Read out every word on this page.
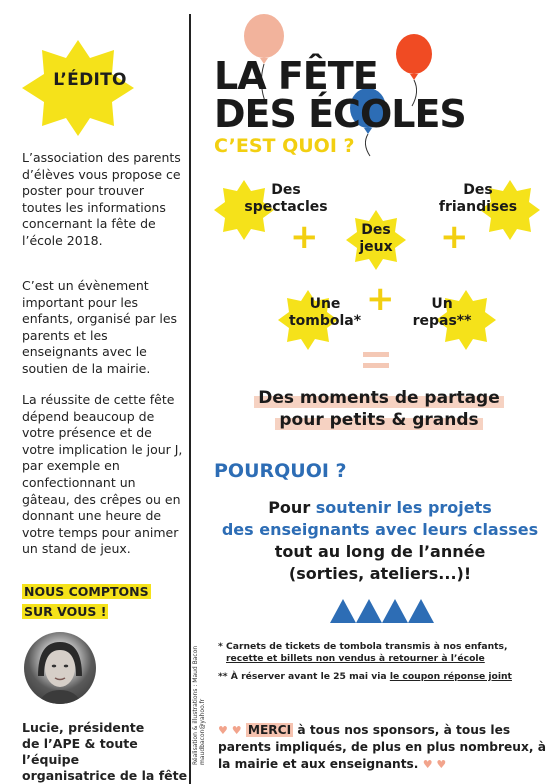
L’ÉDITO

L’association des parents d’élèves vous propose ce poster pour trouver toutes les informations concernant la fête de l’école 2018.

C’est un évènement important pour les enfants, organisé par les parents et les enseignants avec le soutien de la mairie.

La réussite de cette fête dépend beaucoup de votre présence et de votre implication le jour J, par exemple en confectionnant un gâteau, des crêpes ou en donnant une heure de votre temps pour animer un stand de jeux.

NOUS COMPTONS
SUR VOUS !
Lucie, présidente
de l’APE & toute l’équipe
organisatrice de la fête
Réalisation & illustrations : Maud Bacon maudbacon@yahoo.fr
LA FÊTE
DES ÉCOLES
C’EST QUOI ?
Des
spectacles
Des
friandises
Des
jeux
Une
tombola*
Un
repas**
+	+
+
Des moments de partage
pour petits & grands
POURQUOI ?
Pour soutenir les projets
des enseignants avec leurs classes
tout au long de l’année
(sorties, ateliers...)!
* Carnets de tickets de tombola transmis à nos enfants,
recette et billets non vendus à retourner à l’école
** À réserver avant le 25 mai via le coupon réponse joint
♥ ♥ MERCI à tous nos sponsors, à tous les parents impliqués, de plus en plus nombreux, à la mairie et aux enseignants. ♥ ♥
